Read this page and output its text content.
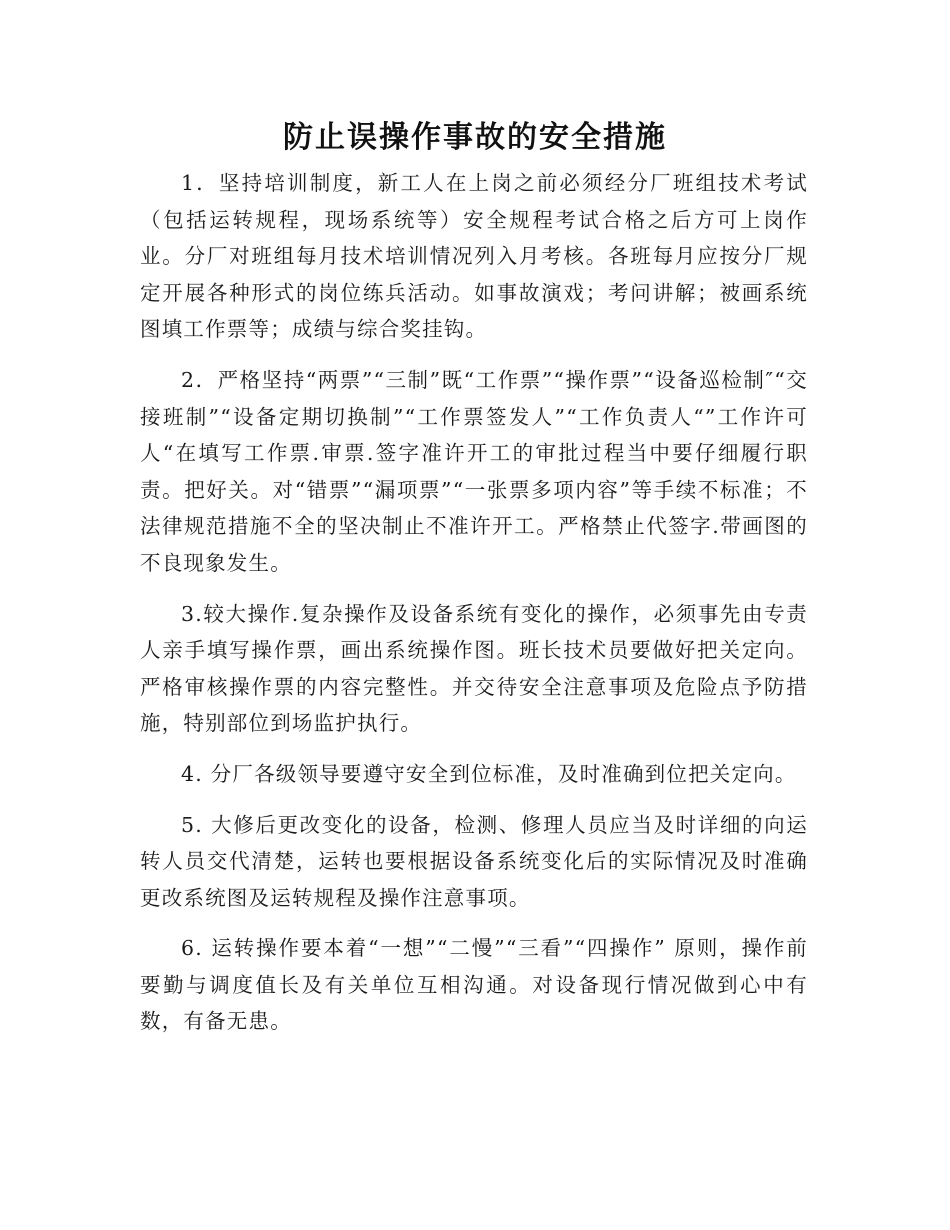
防止误操作事故的安全措施

1．坚持培训制度，新工人在上岗之前必须经分厂班组技术考试（包括运转规程，现场系统等）安全规程考试合格之后方可上岗作业。分厂对班组每月技术培训情况列入月考核。各班每月应按分厂规定开展各种形式的岗位练兵活动。如事故演戏；考问讲解；被画系统图填工作票等；成绩与综合奖挂钩。

2．严格坚持“两票”“三制”既“工作票”“操作票”“设备巡检制″“交接班制”“设备定期切换制”“工作票签发人”“工作负责人“”工作许可人“在填写工作票.审票.签字准许开工的审批过程当中要仔细履行职责。把好关。对“错票”“漏项票”“一张票多项内容”等手续不标准；不法律规范措施不全的坚决制止不准许开工。严格禁止代签字.带画图的不良现象发生。

3.较大操作.复杂操作及设备系统有变化的操作，必须事先由专责人亲手填写操作票，画出系统操作图。班长技术员要做好把关定向。严格审核操作票的内容完整性。并交待安全注意事项及危险点予防措施，特别部位到场监护执行。

4. 分厂各级领导要遵守安全到位标准，及时准确到位把关定向。

5. 大修后更改变化的设备，检测、修理人员应当及时详细的向运转人员交代清楚，运转也要根据设备系统变化后的实际情况及时准确更改系统图及运转规程及操作注意事项。

6. 运转操作要本着“一想”“二慢”“三看”“四操作” 原则，操作前要勤与调度值长及有关单位互相沟通。对设备现行情况做到心中有数，有备无患。
